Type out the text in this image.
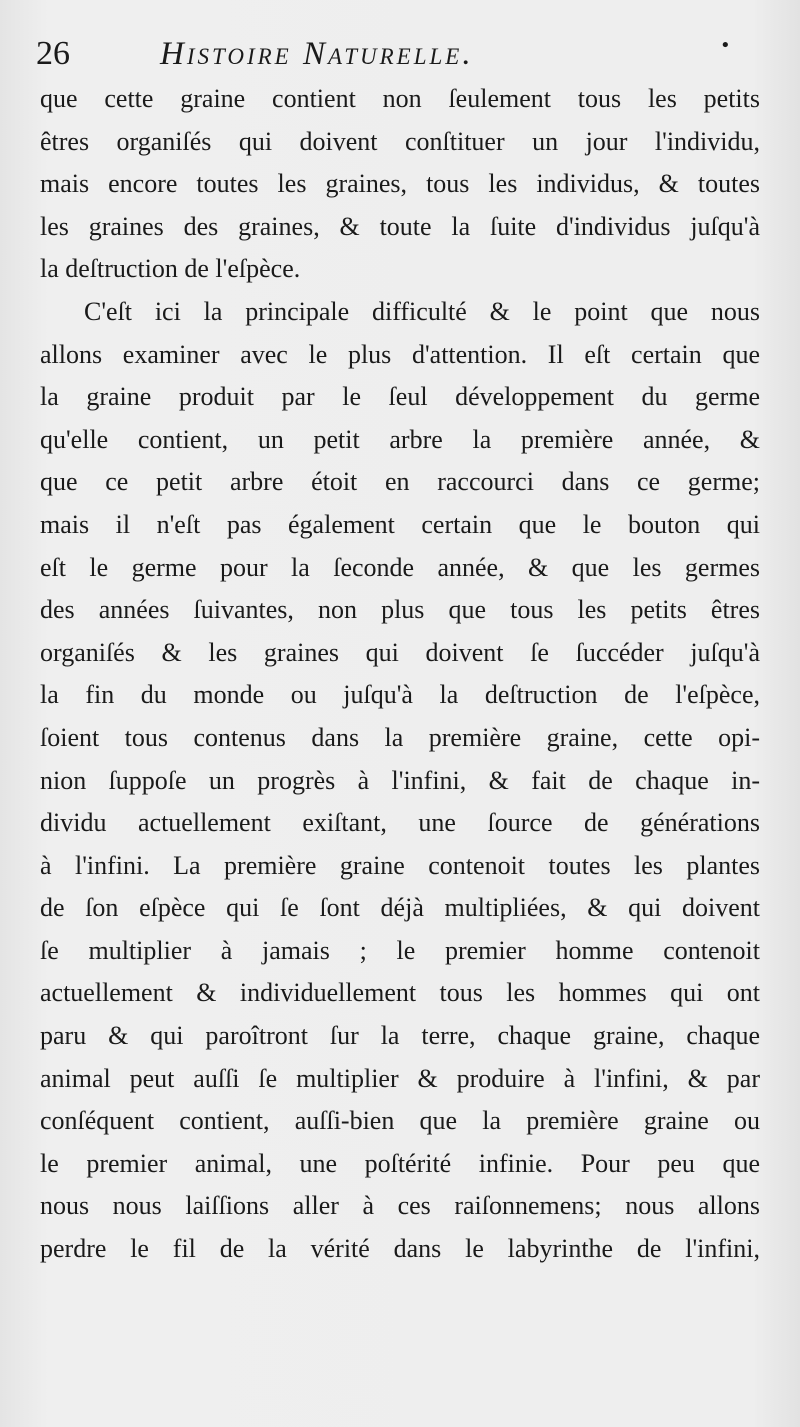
26	Histoire Naturelle.	•
que cette graine contient non ſeulement tous les petits
êtres organiſés qui doivent conſtituer un jour l'individu,
mais encore toutes les graines, tous les individus, & toutes
les graines des graines, & toute la ſuite d'individus juſqu'à
la deſtruction de l'eſpèce.
C'eſt ici la principale difficulté & le point que nous
allons examiner avec le plus d'attention. Il eſt certain que
la graine produit par le ſeul développement du germe
qu'elle contient, un petit arbre la première année, &
que ce petit arbre étoit en raccourci dans ce germe;
mais il n'eſt pas également certain que le bouton qui
eſt le germe pour la ſeconde année, & que les germes
des années ſuivantes, non plus que tous les petits êtres
organiſés & les graines qui doivent ſe ſuccéder juſqu'à
la fin du monde ou juſqu'à la deſtruction de l'eſpèce,
ſoient tous contenus dans la première graine, cette opi-
nion ſuppoſe un progrès à l'infini, & fait de chaque in-
dividu actuellement exiſtant, une ſource de générations
à l'infini. La première graine contenoit toutes les plantes
de ſon eſpèce qui ſe ſont déjà multipliées, & qui doivent
ſe multiplier à jamais ; le premier homme contenoit
actuellement & individuellement tous les hommes qui ont
paru & qui paroîtront ſur la terre, chaque graine, chaque
animal peut auſſi ſe multiplier & produire à l'infini, & par
conſéquent contient, auſſi-bien que la première graine ou
le premier animal, une poſtérité infinie. Pour peu que
nous nous laiſſions aller à ces raiſonnemens; nous allons
perdre le fil de la vérité dans le labyrinthe de l'infini,
